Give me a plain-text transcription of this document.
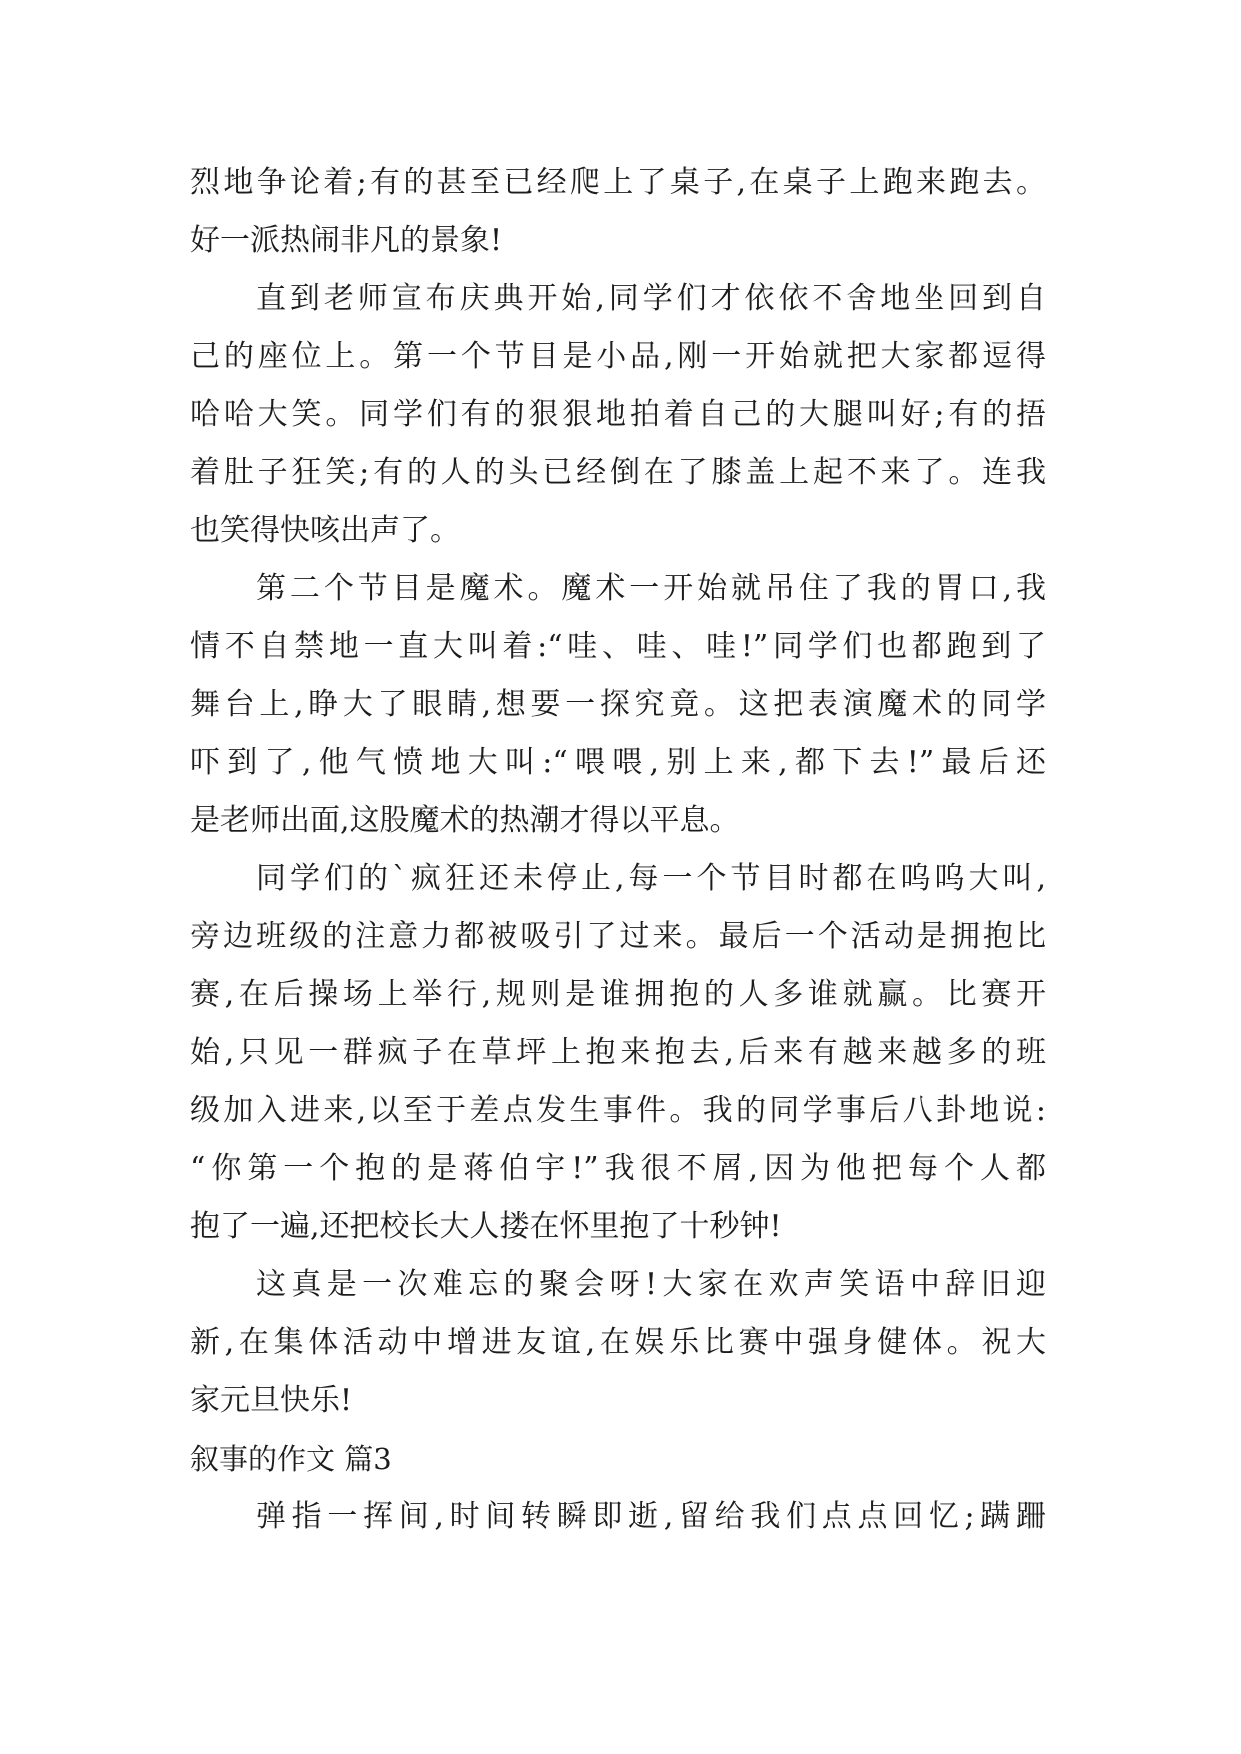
烈地争论着;有的甚至已经爬上了桌子,在桌子上跑来跑去。
好一派热闹非凡的景象!
直到老师宣布庆典开始,同学们才依依不舍地坐回到自
己的座位上。第一个节目是小品,刚一开始就把大家都逗得
哈哈大笑。同学们有的狠狠地拍着自己的大腿叫好;有的捂
着肚子狂笑;有的人的头已经倒在了膝盖上起不来了。连我
也笑得快咳出声了。
第二个节目是魔术。魔术一开始就吊住了我的胃口,我
情不自禁地一直大叫着:“哇、哇、哇!”同学们也都跑到了
舞台上,睁大了眼睛,想要一探究竟。这把表演魔术的同学
吓到了,他气愤地大叫:“喂喂,别上来,都下去!”最后还
是老师出面,这股魔术的热潮才得以平息。
同学们的`疯狂还未停止,每一个节目时都在呜呜大叫,
旁边班级的注意力都被吸引了过来。最后一个活动是拥抱比
赛,在后操场上举行,规则是谁拥抱的人多谁就赢。比赛开
始,只见一群疯子在草坪上抱来抱去,后来有越来越多的班
级加入进来,以至于差点发生事件。我的同学事后八卦地说:
“你第一个抱的是蒋伯宇!”我很不屑,因为他把每个人都
抱了一遍,还把校长大人搂在怀里抱了十秒钟!
这真是一次难忘的聚会呀!大家在欢声笑语中辞旧迎
新,在集体活动中增进友谊,在娱乐比赛中强身健体。祝大
家元旦快乐!
叙事的作文 篇3
弹指一挥间,时间转瞬即逝,留给我们点点回忆;蹒跚
